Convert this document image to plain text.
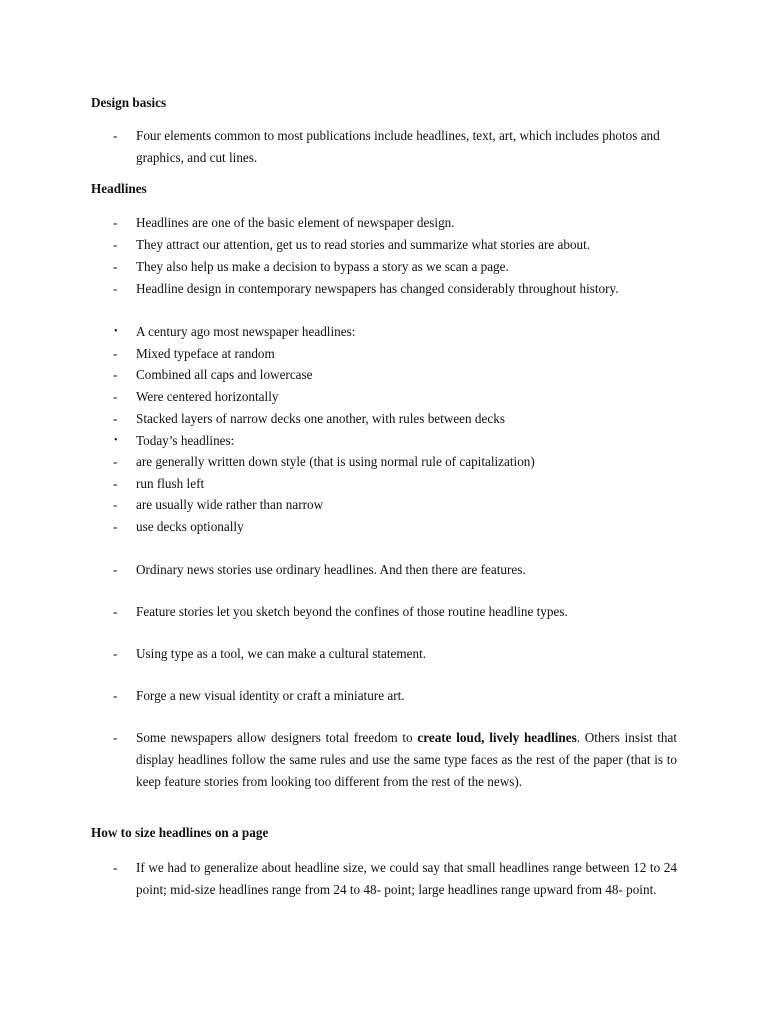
Design basics
- Four elements common to most publications include headlines, text, art, which includes photos and graphics, and cut lines.
Headlines
- Headlines are one of the basic element of newspaper design.
- They attract our attention, get us to read stories and summarize what stories are about.
- They also help us make a decision to bypass a story as we scan a page.
- Headline design in contemporary newspapers has changed considerably throughout history.
• A century ago most newspaper headlines:
- Mixed typeface at random
- Combined all caps and lowercase
- Were centered horizontally
- Stacked layers of narrow decks one another, with rules between decks
• Today’s headlines:
- are generally written down style (that is using normal rule of capitalization)
- run flush left
- are usually wide rather than narrow
- use decks optionally
- Ordinary news stories use ordinary headlines. And then there are features.
- Feature stories let you sketch beyond the confines of those routine headline types.
- Using type as a tool, we can make a cultural statement.
- Forge a new visual identity or craft a miniature art.
- Some newspapers allow designers total freedom to create loud, lively headlines. Others insist that display headlines follow the same rules and use the same type faces as the rest of the paper (that is to keep feature stories from looking too different from the rest of the news).
How to size headlines on a page
- If we had to generalize about headline size, we could say that small headlines range between 12 to 24 point; mid-size headlines range from 24 to 48- point; large headlines range upward from 48- point.
